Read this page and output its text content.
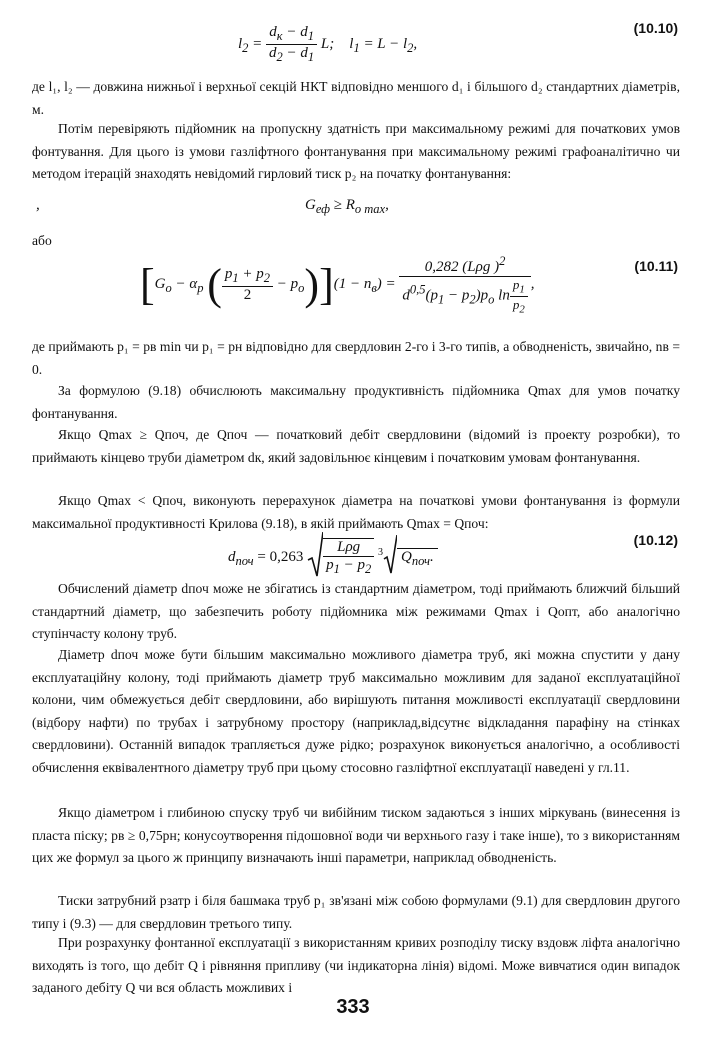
$l_2 = \frac{d_к - d_1}{d_2 - d_1} L$; $l_1 = L - l_2$,
(10.10)
де l₁, l₂ — довжина нижньої і верхньої секцій НКТ відповідно меншого d₁ і більшого d₂ стандартних діаметрів, м.
Потім перевіряють підйомник на пропускну здатність при максимальному режимі для початкових умов фонтування. Для цього із умови газліфтного фонтанування при максимальному режимі графоаналітично чи методом ітерацій знаходять невідомий гирловий тиск p₂ на початку фонтанування:
,	$G_{еф} \ge R_{о max}$,
або
[$G_о - \alpha_р$ ( $\frac{p_1 + p_2}{2} - p_о)](1 - n_в) = \frac{0,282 (L\rho g )^2}{d^{0,5}(p_1 - p_2)p_о \ln \frac{p_1}{p_2}}$ ,
(10.11)
де приймають p₁ = pв min чи p₁ = pн відповідно для свердловин 2-го і 3-го типів, а обводненість, звичайно, nв = 0.
За формулою (9.18) обчислюють максимальну продуктивність підйомника Qmax для умов початку фонтанування.
Якщо Qmax ≥ Qпоч, де Qпоч — початковий дебіт свердловини (відомий із проекту розробки), то приймають кінцево труби діаметром dк, який задовільнює кінцевим і початковим умовам фонтанування.
Якщо Qmax < Qпоч, виконують перерахунок діаметра на початкові умови фонтанування із формули максимальної продуктивності Крилова (9.18), в якій приймають Qmax = Qпоч:
$d_{поч} = 0,263 \frac{\text{Lρg}}{p_1 - p_2} ^3$ $Q_{поч}$.
(10.12)
Обчислений діаметр dпоч може не збігатись із стандартним діаметром, тоді приймають ближчий більший стандартний діаметр, що забезпечить роботу підйомника між режимами Qmax і Qопт, або аналогічно ступінчасту колону труб.
Діаметр dпоч може бути більшим максимально можливого діаметра труб, які можна спустити у дану експлуатаційну колону, тоді приймають діаметр труб максимально можливим для заданої експлуатаційної колони, чим обмежується дебіт свердловини, або вирішують питання можливості експлуатації свердловини (відбору нафти) по трубах і затрубному простору (наприклад,відсутнє відкладання парафіну на стінках свердловини). Останній випадок трапляється дуже рідко; розрахунок виконується аналогічно, а особливості обчислення еквівалентного діаметру труб при цьому стосовно газліфтної експлуатації наведені у гл.11.
Якщо діаметром і глибиною спуску труб чи вибійним тиском задаються з інших міркувань (винесення із пласта піску; pв ≥ 0,75pн; конусоутворення підошовної води чи верхнього газу і таке інше), то з використанням цих же формул за цього ж принципу визначають інші параметри, наприклад обводненість.
Тиски затрубний pзатр і біля башмака труб p₁ зв'язані між собою формулами (9.1) для свердловин другого типу і (9.3) — для свердловин третього типу.
При розрахунку фонтанної експлуатації з використанням кривих розподілу тиску вздовж ліфта аналогічно виходять із того, що дебіт Q і рівняння припливу (чи індикаторна лінія) відомі. Може вивчатися один випадок заданого дебіту Q чи вся область можливих і
333
